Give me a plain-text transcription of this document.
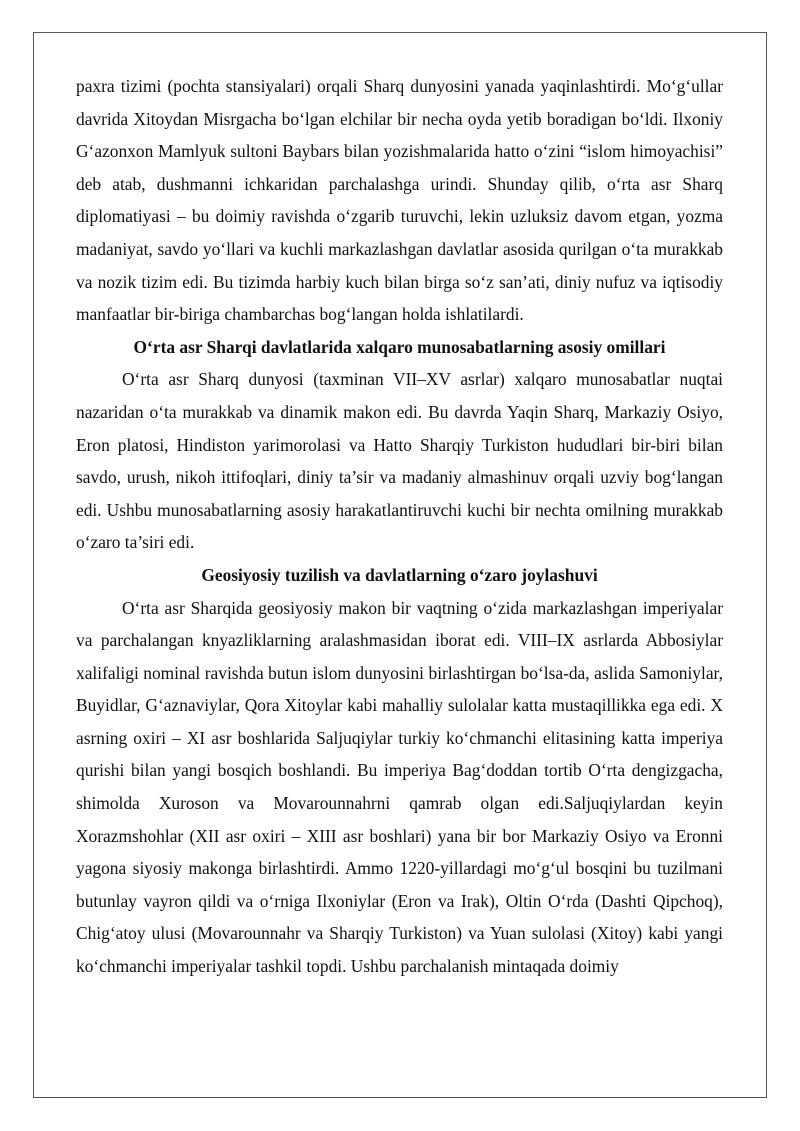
paxra tizimi (pochta stansiyalari) orqali Sharq dunyosini yanada yaqinlashtirdi. Mo‘g‘ullar davrida Xitoydan Misrgacha bo‘lgan elchilar bir necha oyda yetib boradigan bo‘ldi. Ilxoniy G‘azonxon Mamlyuk sultoni Baybars bilan yozishmalarida hatto o‘zini “islom himoyachisi” deb atab, dushmanni ichkaridan parchalashga urindi. Shunday qilib, o‘rta asr Sharq diplomatiyasi – bu doimiy ravishda o‘zgarib turuvchi, lekin uzluksiz davom etgan, yozma madaniyat, savdo yo‘llari va kuchli markazlashgan davlatlar asosida qurilgan o‘ta murakkab va nozik tizim edi. Bu tizimda harbiy kuch bilan birga so‘z san’ati, diniy nufuz va iqtisodiy manfaatlar bir-biriga chambarchas bog‘langan holda ishlatilardi.

O‘rta asr Sharqi davlatlarida xalqaro munosabatlarning asosiy omillari

O‘rta asr Sharq dunyosi (taxminan VII–XV asrlar) xalqaro munosabatlar nuqtai nazaridan o‘ta murakkab va dinamik makon edi. Bu davrda Yaqin Sharq, Markaziy Osiyo, Eron platosi, Hindiston yarimorolasi va Hatto Sharqiy Turkiston hududlari bir-biri bilan savdo, urush, nikoh ittifoqlari, diniy ta’sir va madaniy almashinuv orqali uzviy bog‘langan edi. Ushbu munosabatlarning asosiy harakatlantiruvchi kuchi bir nechta omilning murakkab o‘zaro ta’siri edi.

Geosiyosiy tuzilish va davlatlarning o‘zaro joylashuvi

O‘rta asr Sharqida geosiyosiy makon bir vaqtning o‘zida markazlashgan imperiyalar va parchalangan knyazliklarning aralashmasidan iborat edi. VIII–IX asrlarda Abbosiylar xalifaligi nominal ravishda butun islom dunyosini birlashtirgan bo‘lsa-da, aslida Samoniylar, Buyidlar, G‘aznaviylar, Qora Xitoylar kabi mahalliy sulolalar katta mustaqillikka ega edi. X asrning oxiri – XI asr boshlarida Saljuqiylar turkiy ko‘chmanchi elitasining katta imperiya qurishi bilan yangi bosqich boshlandi. Bu imperiya Bag‘doddan tortib O‘rta dengizgacha, shimolda Xuroson va Movarounnahrni qamrab olgan edi.Saljuqiylardan keyin Xorazmshohlar (XII asr oxiri – XIII asr boshlari) yana bir bor Markaziy Osiyo va Eronni yagona siyosiy makonga birlashtirdi. Ammo 1220-yillardagi mo‘g‘ul bosqini bu tuzilmani butunlay vayron qildi va o‘rniga Ilxoniylar (Eron va Irak), Oltin O‘rda (Dashti Qipchoq), Chig‘atoy ulusi (Movarounnahr va Sharqiy Turkiston) va Yuan sulolasi (Xitoy) kabi yangi ko‘chmanchi imperiyalar tashkil topdi. Ushbu parchalanish mintaqada doimiy
